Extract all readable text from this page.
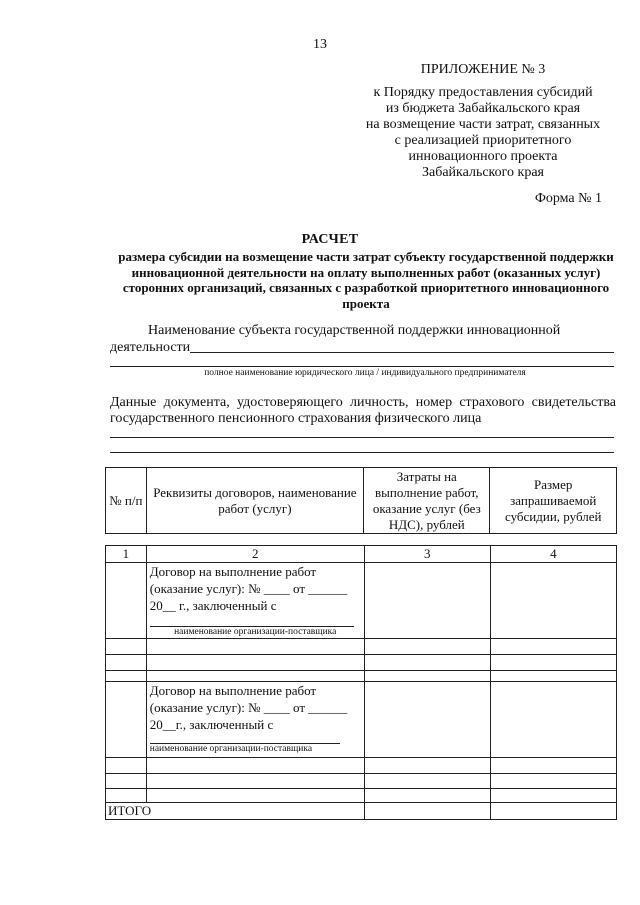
13
ПРИЛОЖЕНИЕ № 3
к Порядку предоставления субсидий
из бюджета Забайкальского края
на возмещение части затрат, связанных
с реализацией приоритетного
инновационного проекта
Забайкальского края
Форма № 1
РАСЧЕТ
размера субсидии на возмещение части затрат субъекту государственной поддержки
инновационной деятельности на оплату выполненных работ (оказанных услуг)
сторонних организаций, связанных с разработкой приоритетного инновационного
проекта
Наименование субъекта государственной поддержки инновационной
деятельности
полное наименование юридического лица / индивидуального предпринимателя
Данные документа, удостоверяющего личность, номер страхового свидетельства государственного пенсионного страхования физического лица
№ п/п	Реквизиты договоров, наименование работ (услуг)	Затраты на выполнение работ, оказание услуг (без НДС), рублей	Размер запрашиваемой субсидии, рублей
1	2	3	4

	Договор на выполнение работ
(оказание услуг): № ____ от ______
20__ г., заключенный с
наименование организации-поставщика		

	Договор на выполнение работ
(оказание услуг): № ____ от ______
20__г., заключенный с
наименование организации-поставщика		

ИТОГО			
